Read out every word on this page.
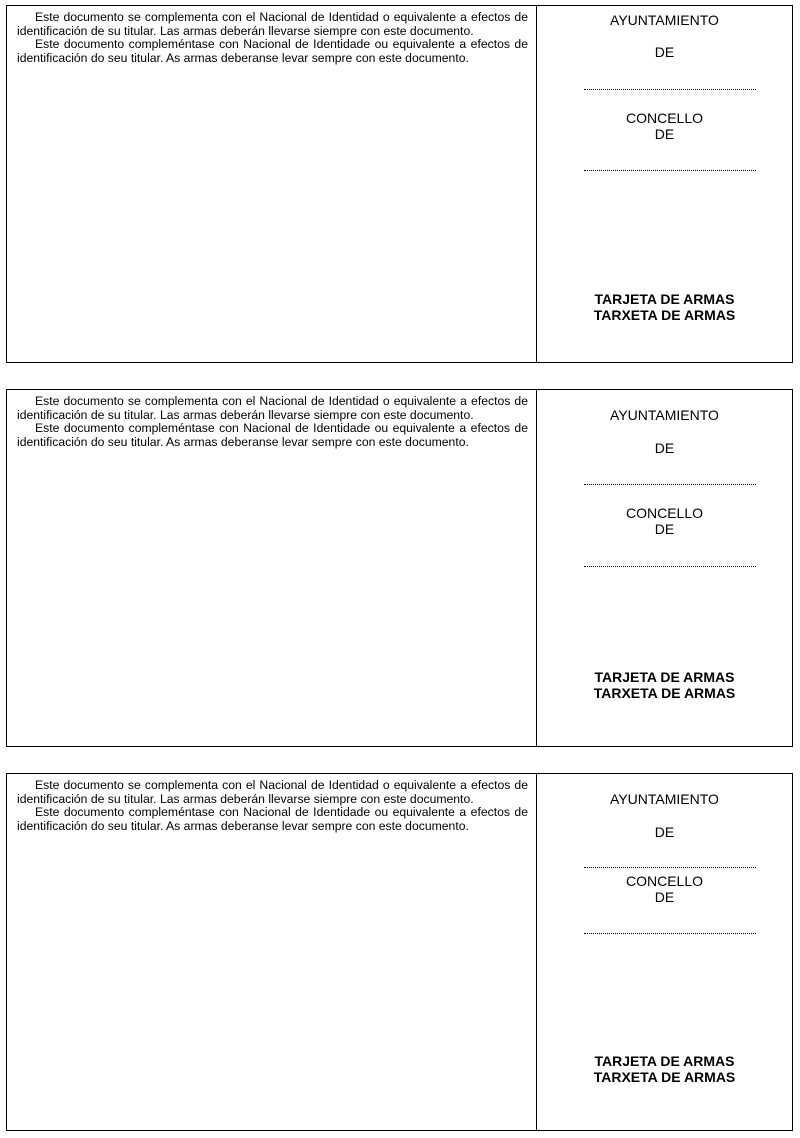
Este documento se complementa con el Nacional de Identidad o equivalente a efectos de identificación de su titular. Las armas deberán llevarse siempre con este documento.

Este documento compleméntase con Nacional de Identidade ou equivalente a efectos de identificación do seu titular. As armas deberanse levar sempre con este documento.

AYUNTAMIENTO

DE

CONCELLO

DE

TARJETA DE ARMAS

TARXETA DE ARMAS

Este documento se complementa con el Nacional de Identidad o equivalente a efectos de identificación de su titular. Las armas deberán llevarse siempre con este documento.

Este documento compleméntase con Nacional de Identidade ou equivalente a efectos de identificación do seu titular. As armas deberanse levar sempre con este documento.

AYUNTAMIENTO

DE

CONCELLO

DE

TARJETA DE ARMAS

TARXETA DE ARMAS

Este documento se complementa con el Nacional de Identidad o equivalente a efectos de identificación de su titular. Las armas deberán llevarse siempre con este documento.

Este documento compleméntase con Nacional de Identidade ou equivalente a efectos de identificación do seu titular. As armas deberanse levar sempre con este documento.

AYUNTAMIENTO

DE

CONCELLO

DE

TARJETA DE ARMAS

TARXETA DE ARMAS
